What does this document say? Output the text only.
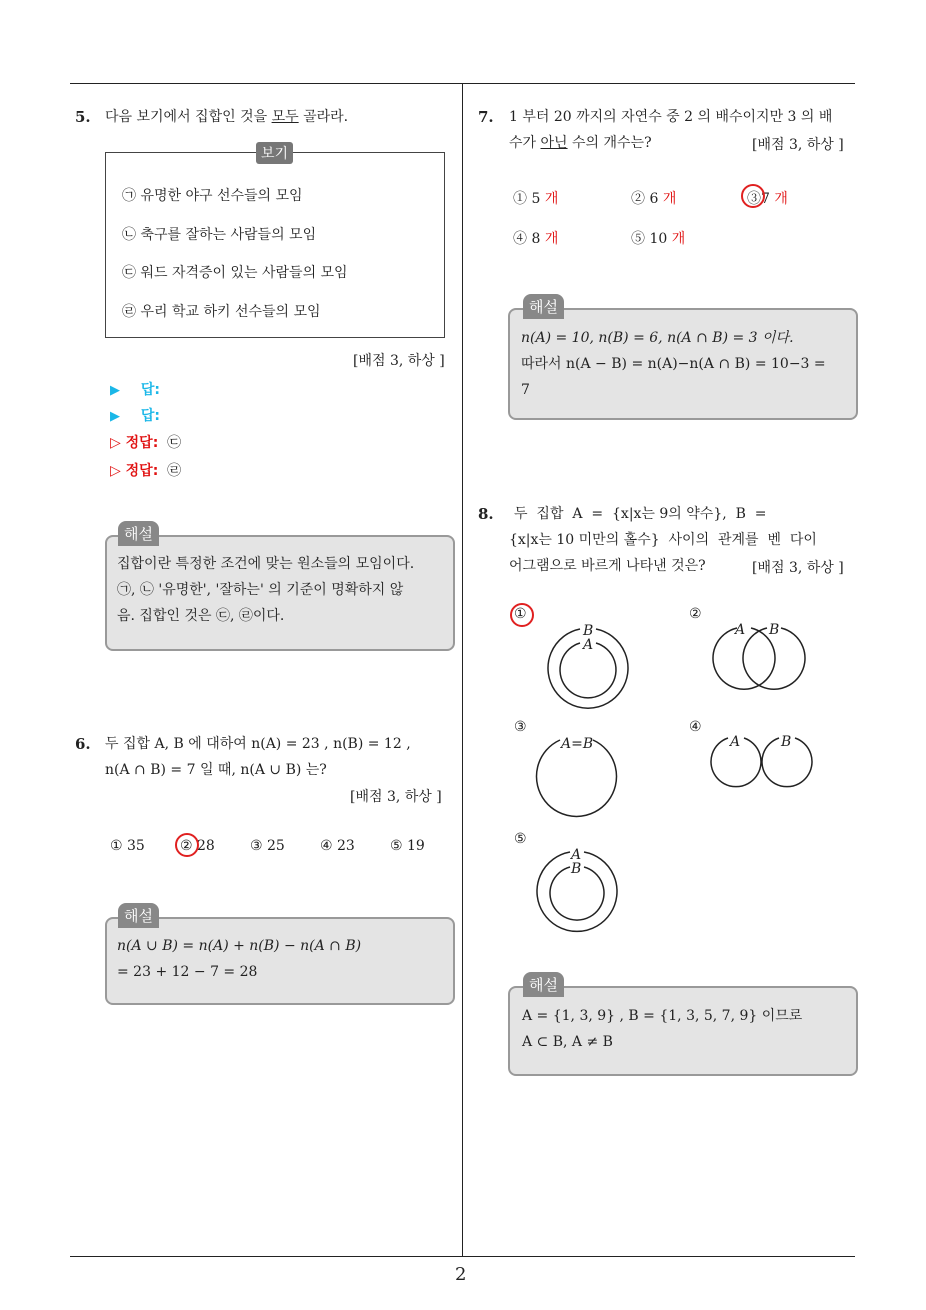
2
5. 다음 보기에서 집합인 것을 모두 골라라.
보기
㉠ 유명한 야구 선수들의 모임
㉡ 축구를 잘하는 사람들의 모임
㉢ 워드 자격증이 있는 사람들의 모임
㉣ 우리 학교 하키 선수들의 모임
[배점 3, 하상 ]
▶ 답:
▶ 답:
▷ 정답: ㉢
▷ 정답: ㉣
해설
집합이란 특정한 조건에 맞는 원소들의 모임이다.
㉠, ㉡ '유명한', '잘하는' 의 기준이 명확하지 않
음. 집합인 것은 ㉢, ㉣이다.
6. 두 집합 A, B 에 대하여 n(A) = 23 , n(B) = 12 ,
n(A ∩ B) = 7 일 때, n(A ∪ B) 는?
[배점 3, 하상 ]
① 35	② 28	③ 25	④ 23	⑤ 19
해설
n(A ∪ B) = n(A) + n(B) − n(A ∩ B)
= 23 + 12 − 7 = 28
7. 1 부터 20 까지의 자연수 중 2 의 배수이지만 3 의 배
수가 아닌 수의 개수는?	[배점 3, 하상 ]
① 5 개	② 6 개	③7 개
④ 8 개	⑤ 10 개
해설
n(A) = 10, n(B) = 6, n(A ∩ B) = 3 이다.
따라서 n(A − B) = n(A)−n(A ∩ B) = 10−3 =
7
8. 두  집합  A  =  {x|x는 9의 약수},  B  =
{x|x는 10 미만의 홀수}  사이의  관계를  벤  다이
어그램으로 바르게 나타낸 것은?	[배점 3, 하상 ]
①	②
③	④
⑤
B
A
A B
A=B	A	B
A
B
해설
A = {1, 3, 9} , B = {1, 3, 5, 7, 9} 이므로
A ⊂ B, A ≠ B
